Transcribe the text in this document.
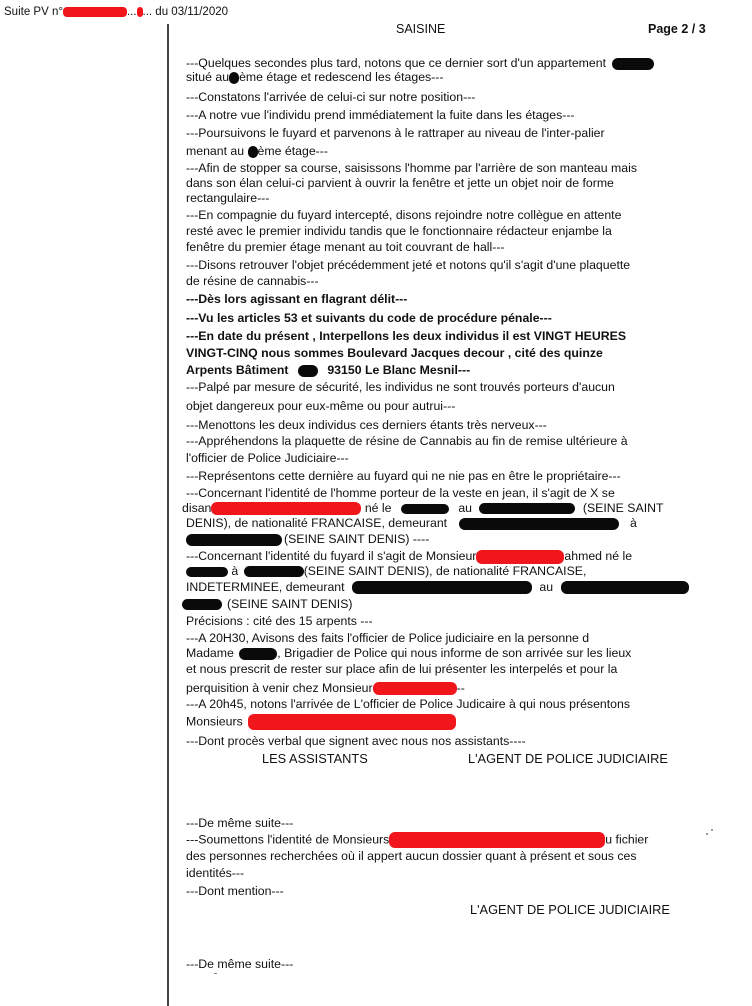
Suite PV n°	... ... du 03/11/2020
SAISINE	Page 2 / 3
---Quelques secondes plus tard, notons que ce dernier sort d'un appartement
situé au ème étage et redescend les étages---
---Constatons l'arrivée de celui-ci sur notre position---
---A notre vue l'individu prend immédiatement la fuite dans les étages---
---Poursuivons le fuyard et parvenons à le rattraper au niveau de l'inter-palier
menant au ème étage---
---Afin de stopper sa course, saisissons l'homme par l'arrière de son manteau mais
dans son élan celui-ci parvient à ouvrir la fenêtre et jette un objet noir de forme
rectangulaire---
---En compagnie du fuyard intercepté, disons rejoindre notre collègue en attente
resté avec le premier individu tandis que le fonctionnaire rédacteur enjambe la
fenêtre du premier étage menant au toit couvrant de hall---
---Disons retrouver l'objet précédemment jeté et notons qu'il s'agit d'une plaquette
de résine de cannabis---
---Dès lors agissant en flagrant délit---
---Vu les articles 53 et suivants du code de procédure pénale---
---En date du présent , Interpellons les deux individus il est VINGT HEURES
VINGT-CINQ nous sommes Boulevard Jacques decour , cité des quinze
Arpents Bâtiment	93150 Le Blanc Mesnil---
---Palpé par mesure de sécurité, les individus ne sont trouvés porteurs d'aucun
objet dangereux pour eux-même ou pour autrui---
---Menottons les deux individus ces derniers étants très nerveux---
---Appréhendons la plaquette de résine de Cannabis au fin de remise ultérieure à
l'officier de Police Judiciaire---
---Représentons cette dernière au fuyard qui ne nie pas en être le propriétaire---
---Concernant l'identité de l'homme porteur de la veste en jean, il s'agit de X se
disan	né le	au	(SEINE SAINT
DENIS), de nationalité FRANCAISE, demeurant	à
(SEINE SAINT DENIS) ----
---Concernant l'identité du fuyard il s'agit de Monsieur	ahmed né le
à	(SEINE SAINT DENIS), de nationalité FRANCAISE,
INDETERMINEE, demeurant	au
(SEINE SAINT DENIS)
Précisions : cité des 15 arpents ---
---A 20H30, Avisons des faits l'officier de Police judiciaire en la personne d
Madame	, Brigadier de Police qui nous informe de son arrivée sur les lieux
et nous prescrit de rester sur place afin de lui présenter les interpelés et pour la
perquisition à venir chez Monsieur	--
---A 20h45, notons l'arrivée de L'officier de Police Judicaire à qui nous présentons
Monsieurs
---Dont procès verbal que signent avec nous nos assistants----
LES ASSISTANTS	L'AGENT DE POLICE JUDICIAIRE
---De même suite---
---Soumettons l'identité de Monsieurs	u fichier
des personnes recherchées où il appert aucun dossier quant à présent et sous ces
identités---
---Dont mention---
L'AGENT DE POLICE JUDICIAIRE
---De même suite---
